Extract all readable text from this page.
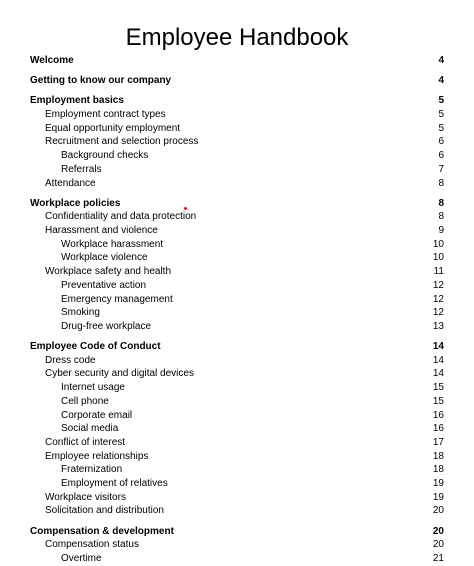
Employee Handbook
Welcome	4
Getting to know our company	4
Employment basics	5
Employment contract types	5
Equal opportunity employment	5
Recruitment and selection process	6
Background checks	6
Referrals	7
Attendance	8
Workplace policies	8
Confidentiality and data protection	8
Harassment and violence	9
Workplace harassment	10
Workplace violence	10
Workplace safety and health	11
Preventative action	12
Emergency management	12
Smoking	12
Drug-free workplace	13
Employee Code of Conduct	14
Dress code	14
Cyber security and digital devices	14
Internet usage	15
Cell phone	15
Corporate email	16
Social media	16
Conflict of interest	17
Employee relationships	18
Fraternization	18
Employment of relatives	19
Workplace visitors	19
Solicitation and distribution	20
Compensation & development	20
Compensation status	20
Overtime	21
